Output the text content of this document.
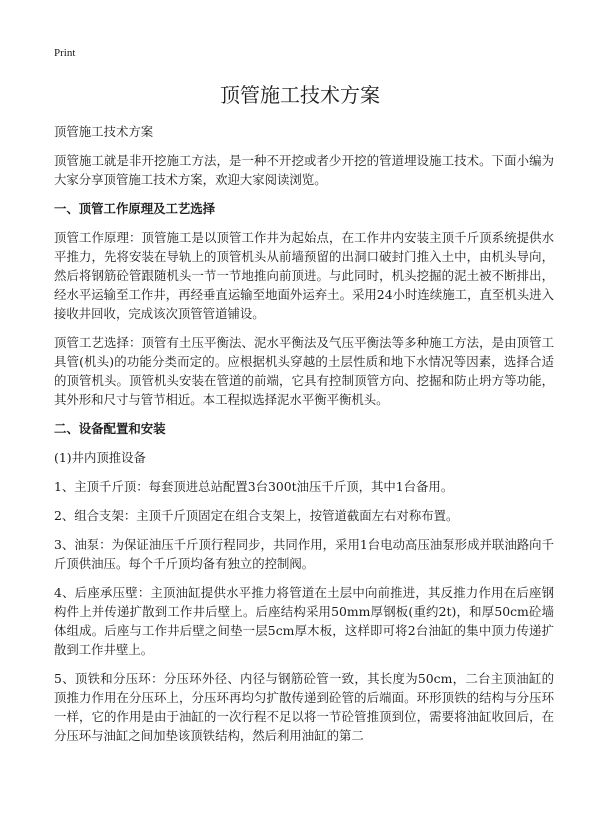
Print
顶管施工技术方案

顶管施工技术方案

顶管施工就是非开挖施工方法，是一种不开挖或者少开挖的管道埋设施工技术。下面小编为大家分享顶管施工技术方案，欢迎大家阅读浏览。

一、顶管工作原理及工艺选择

顶管工作原理：顶管施工是以顶管工作井为起始点，在工作井内安装主顶千斤顶系统提供水平推力，先将安装在导轨上的顶管机头从前墙预留的出洞口破封门推入土中，由机头导向，然后将钢筋砼管跟随机头一节一节地推向前顶进。与此同时，机头挖掘的泥土被不断排出，经水平运输至工作井，再经垂直运输至地面外运弃土。采用24小时连续施工，直至机头进入接收井回收，完成该次顶管管道铺设。

顶管工艺选择：顶管有土压平衡法、泥水平衡法及气压平衡法等多种施工方法，是由顶管工具管(机头)的功能分类而定的。应根据机头穿越的土层性质和地下水情况等因素，选择合适的顶管机头。顶管机头安装在管道的前端，它具有控制顶管方向、挖掘和防止坍方等功能，其外形和尺寸与管节相近。本工程拟选择泥水平衡平衡机头。

二、设备配置和安装

(1)井内顶推设备

1、主顶千斤顶：每套顶进总站配置3台300t油压千斤顶，其中1台备用。

2、组合支架：主顶千斤顶固定在组合支架上，按管道截面左右对称布置。

3、油泵：为保证油压千斤顶行程同步，共同作用，采用1台电动高压油泵形成并联油路向千斤顶供油压。每个千斤顶均备有独立的控制阀。

4、后座承压壁：主顶油缸提供水平推力将管道在土层中向前推进，其反推力作用在后座钢构件上并传递扩散到工作井后壁上。后座结构采用50mm厚钢板(重约2t)，和厚50cm砼墙体组成。后座与工作井后壁之间垫一层5cm厚木板，这样即可将2台油缸的集中顶力传递扩散到工作井壁上。

5、顶铁和分压环：分压环外径、内径与钢筋砼管一致，其长度为50cm，二台主顶油缸的顶推力作用在分压环上，分压环再均匀扩散传递到砼管的后端面。环形顶铁的结构与分压环一样，它的作用是由于油缸的一次行程不足以将一节砼管推顶到位，需要将油缸收回后，在分压环与油缸之间加垫该顶铁结构，然后利用油缸的第二
